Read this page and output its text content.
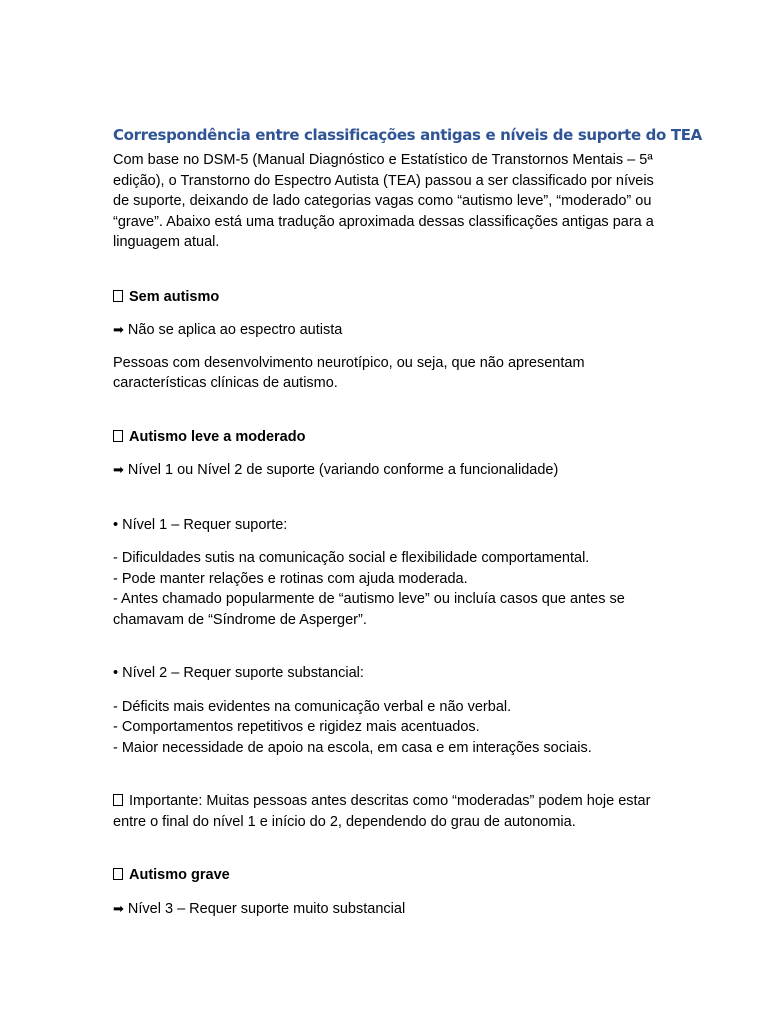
Correspondência entre classificações antigas e níveis de suporte do TEA

Com base no DSM-5 (Manual Diagnóstico e Estatístico de Transtornos Mentais – 5ª edição), o Transtorno do Espectro Autista (TEA) passou a ser classificado por níveis de suporte, deixando de lado categorias vagas como “autismo leve”, “moderado” ou “grave”. Abaixo está uma tradução aproximada dessas classificações antigas para a linguagem atual.

Sem autismo

➡ Não se aplica ao espectro autista

Pessoas com desenvolvimento neurotípico, ou seja, que não apresentam características clínicas de autismo.

Autismo leve a moderado

➡ Nível 1 ou Nível 2 de suporte (variando conforme a funcionalidade)

• Nível 1 – Requer suporte:

- Dificuldades sutis na comunicação social e flexibilidade comportamental.
- Pode manter relações e rotinas com ajuda moderada.
- Antes chamado popularmente de “autismo leve” ou incluía casos que antes se chamavam de “Síndrome de Asperger”.

• Nível 2 – Requer suporte substancial:

- Déficits mais evidentes na comunicação verbal e não verbal.
- Comportamentos repetitivos e rigidez mais acentuados.
- Maior necessidade de apoio na escola, em casa e em interações sociais.

Importante: Muitas pessoas antes descritas como “moderadas” podem hoje estar entre o final do nível 1 e início do 2, dependendo do grau de autonomia.

Autismo grave

➡ Nível 3 – Requer suporte muito substancial
